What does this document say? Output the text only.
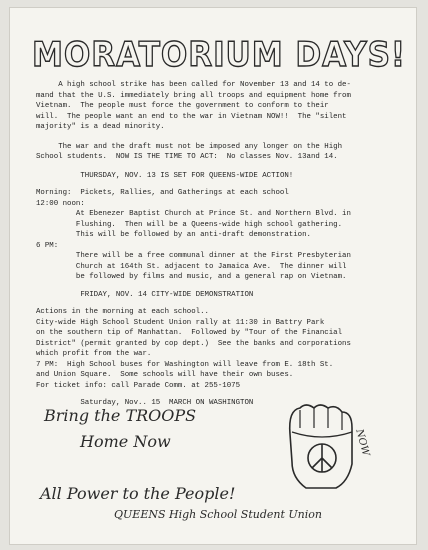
MORATORIUM DAYS!

A high school strike has been called for November 13 and 14 to de-
mand that the U.S. immediately bring all troops and equipment home from
Vietnam.  The people must force the government to conform to their
will.  The people want an end to the war in Vietnam NOW!!  The "silent
majority" is a dead minority.

The war and the draft must not be imposed any longer on the High
School students.  NOW IS THE TIME TO ACT:  No classes Nov. 13and 14.

THURSDAY, NOV. 13 IS SET FOR QUEENS-WIDE ACTION!

Morning:  Pickets, Rallies, and Gatherings at each school
12:00 noon:
At Ebenezer Baptist Church at Prince St. and Northern Blvd. in
Flushing.  Then will be a Queens-wide high school gathering.
This will be followed by an anti-draft demonstration.
6 PM:
There will be a free communal dinner at the First Presbyterian
Church at 164th St. adjacent to Jamaica Ave.  The dinner will
be followed by films and music, and a general rap on Vietnam.

FRIDAY, NOV. 14 CITY-WIDE DEMONSTRATION

Actions in the morning at each school..
City-wide High School Student Union rally at 11:30 in Battry Park
on the southern tip of Manhattan.  Followed by "Tour of the Financial
District" (permit granted by cop dept.)  See the banks and corporations
which profit from the war.
7 PM:  High School buses for Washington will leave from E. 18th St.
and Union Square.  Some schools will have their own buses.
For ticket info: call Parade Comm. at 255-1075

Saturday, Nov.. 15  MARCH ON WASHINGTON

Bring the TROOPS
Home Now	NOW
All Power to the People!
QUEENS High School Student Union
